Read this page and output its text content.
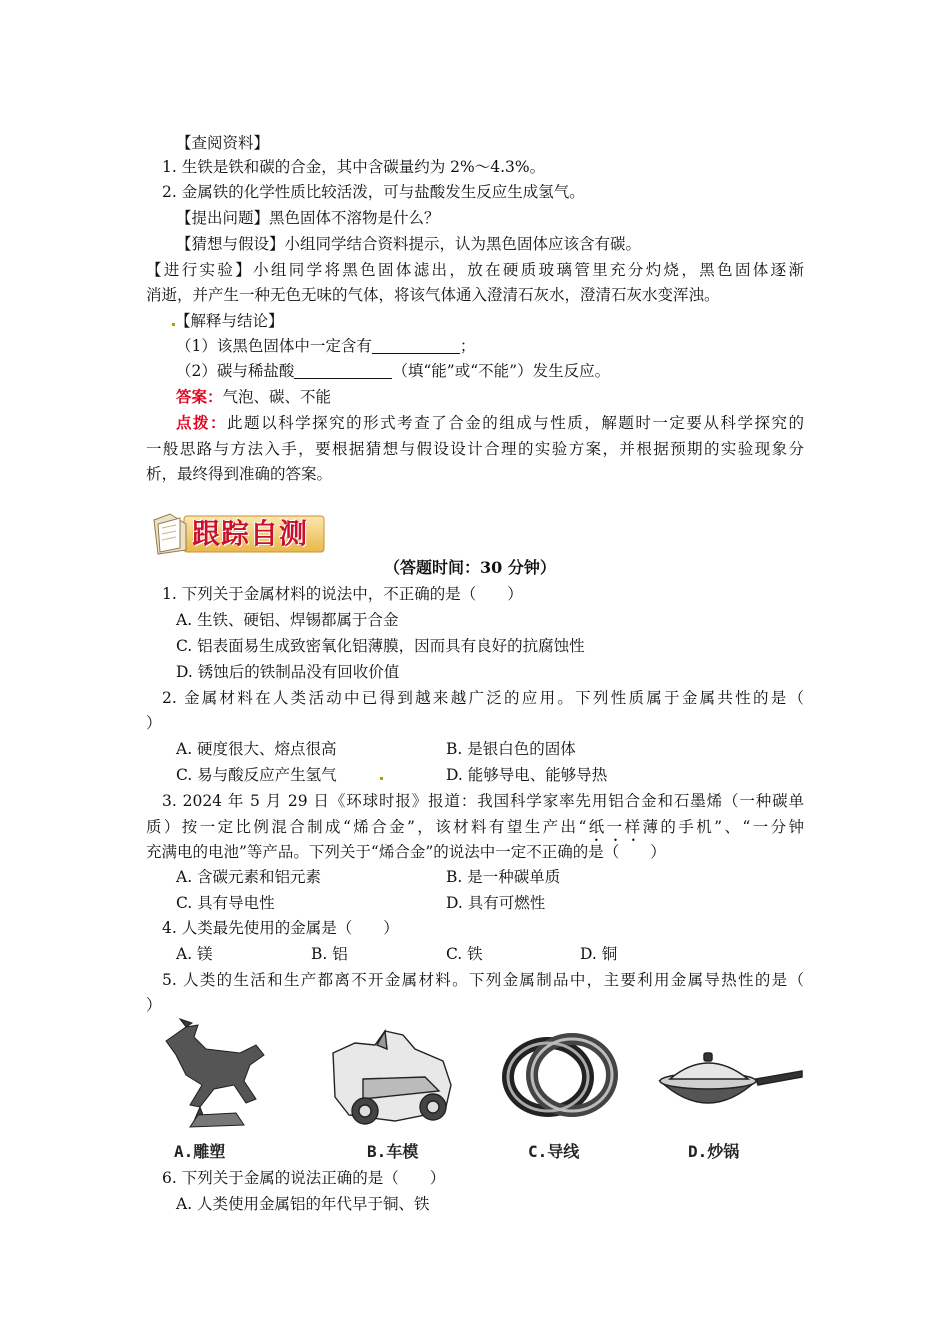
【查阅资料】
1. 生铁是铁和碳的合金，其中含碳量约为 2%～4.3%。
2. 金属铁的化学性质比较活泼，可与盐酸发生反应生成氢气。
【提出问题】黑色固体不溶物是什么？
【猜想与假设】小组同学结合资料提示，认为黑色固体应该含有碳。
【进行实验】小组同学将黑色固体滤出，放在硬质玻璃管里充分灼烧，黑色固体逐渐
消逝，并产生一种无色无味的气体，将该气体通入澄清石灰水，澄清石灰水变浑浊。
【解释与结论】
（1）该黑色固体中一定含有	；
（2）碳与稀盐酸	（填“能”或“不能”）发生反应。
答案：气泡、碳、不能
点拨：此题以科学探究的形式考查了合金的组成与性质，解题时一定要从科学探究的
一般思路与方法入手，要根据猜想与假设设计合理的实验方案，并根据预期的实验现象分
析，最终得到准确的答案。
跟踪自测
（答题时间：30 分钟）
1. 下列关于金属材料的说法中，不正确的是（　　）
A. 生铁、硬铝、焊锡都属于合金
C. 铝表面易生成致密氧化铝薄膜，因而具有良好的抗腐蚀性
D. 锈蚀后的铁制品没有回收价值
2. 金属材料在人类活动中已得到越来越广泛的应用。下列性质属于金属共性的是（
）
A. 硬度很大、熔点很高	B. 是银白色的固体
C. 易与酸反应产生氢气	D. 能够导电、能够导热
3. 2024 年 5 月 29 日《环球时报》报道：我国科学家率先用铝合金和石墨烯（一种碳单
质）按一定比例混合制成“烯合金”，该材料有望生产出“纸一样薄的手机”、“一分钟
充满电的电池”等产品。下列关于“烯合金”的说法中一定不正确的是（　　）
A. 含碳元素和铝元素	B. 是一种碳单质
C. 具有导电性	D. 具有可燃性
4. 人类最先使用的金属是（　　）
A. 镁	B. 铝	C. 铁	D. 铜
5. 人类的生活和生产都离不开金属材料。下列金属制品中，主要利用金属导热性的是（
）
A.雕塑	B.车模	C.导线	D.炒锅
6. 下列关于金属的说法正确的是（　　）
A. 人类使用金属铝的年代早于铜、铁
